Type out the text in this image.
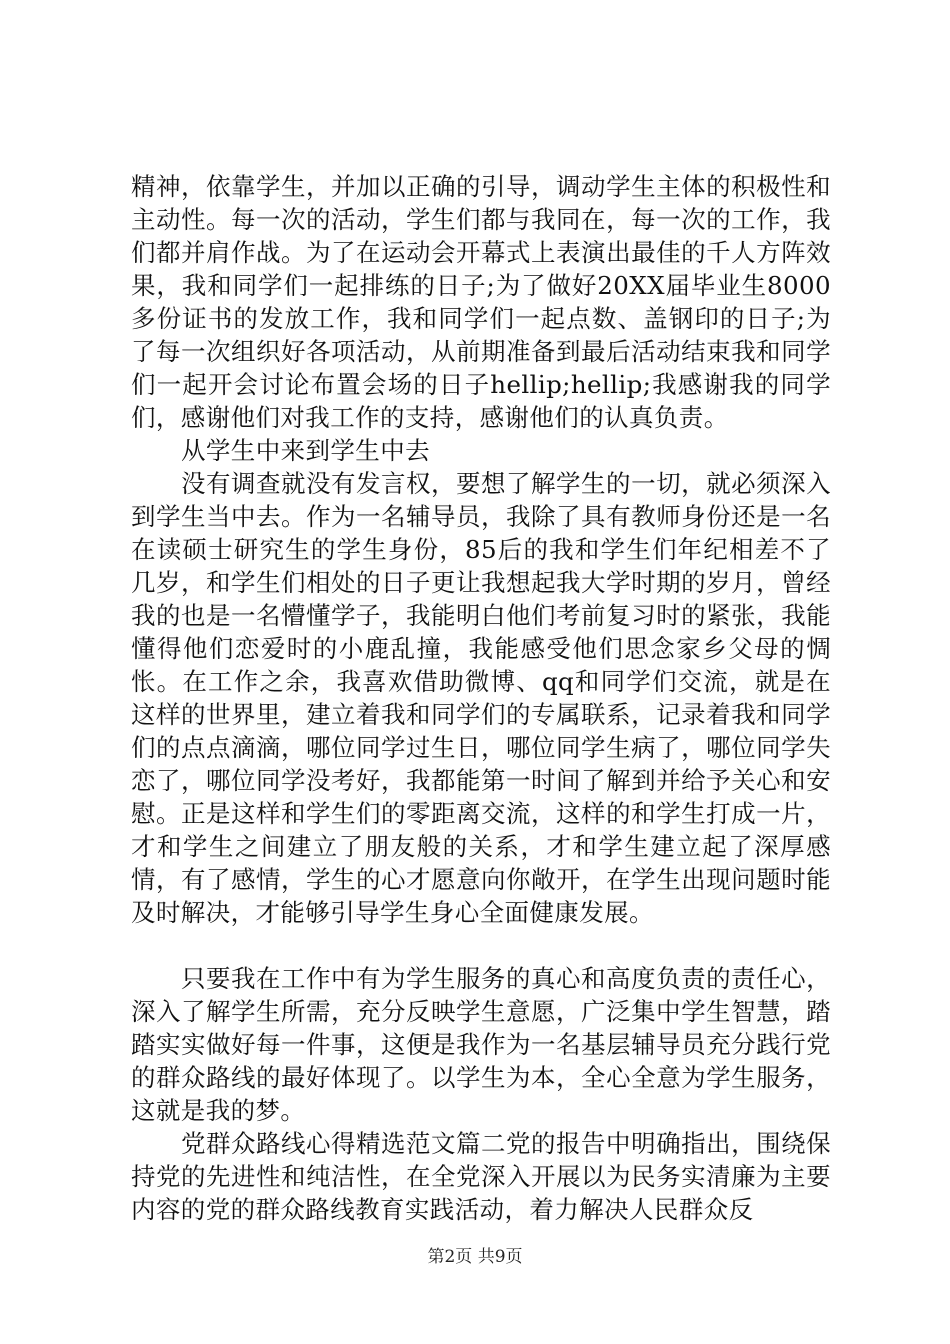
精神，依靠学生，并加以正确的引导，调动学生主体的积极性和主动性。每一次的活动，学生们都与我同在，每一次的工作，我们都并肩作战。为了在运动会开幕式上表演出最佳的千人方阵效果，我和同学们一起排练的日子;为了做好20XX届毕业生8000多份证书的发放工作，我和同学们一起点数、盖钢印的日子;为了每一次组织好各项活动，从前期准备到最后活动结束我和同学们一起开会讨论布置会场的日子hellip;hellip;我感谢我的同学们，感谢他们对我工作的支持，感谢他们的认真负责。

从学生中来到学生中去

没有调查就没有发言权，要想了解学生的一切，就必须深入到学生当中去。作为一名辅导员，我除了具有教师身份还是一名在读硕士研究生的学生身份，85后的我和学生们年纪相差不了几岁，和学生们相处的日子更让我想起我大学时期的岁月，曾经我的也是一名懵懂学子，我能明白他们考前复习时的紧张，我能懂得他们恋爱时的小鹿乱撞，我能感受他们思念家乡父母的惆怅。在工作之余，我喜欢借助微博、qq和同学们交流，就是在这样的世界里，建立着我和同学们的专属联系，记录着我和同学们的点点滴滴，哪位同学过生日，哪位同学生病了，哪位同学失恋了，哪位同学没考好，我都能第一时间了解到并给予关心和安慰。正是这样和学生们的零距离交流，这样的和学生打成一片，才和学生之间建立了朋友般的关系，才和学生建立起了深厚感情，有了感情，学生的心才愿意向你敞开，在学生出现问题时能及时解决，才能够引导学生身心全面健康发展。

只要我在工作中有为学生服务的真心和高度负责的责任心，深入了解学生所需，充分反映学生意愿，广泛集中学生智慧，踏踏实实做好每一件事，这便是我作为一名基层辅导员充分践行党的群众路线的最好体现了。以学生为本，全心全意为学生服务，这就是我的梦。

党群众路线心得精选范文篇二党的报告中明确指出，围绕保持党的先进性和纯洁性，在全党深入开展以为民务实清廉为主要内容的党的群众路线教育实践活动，着力解决人民群众反

第2页 共9页
